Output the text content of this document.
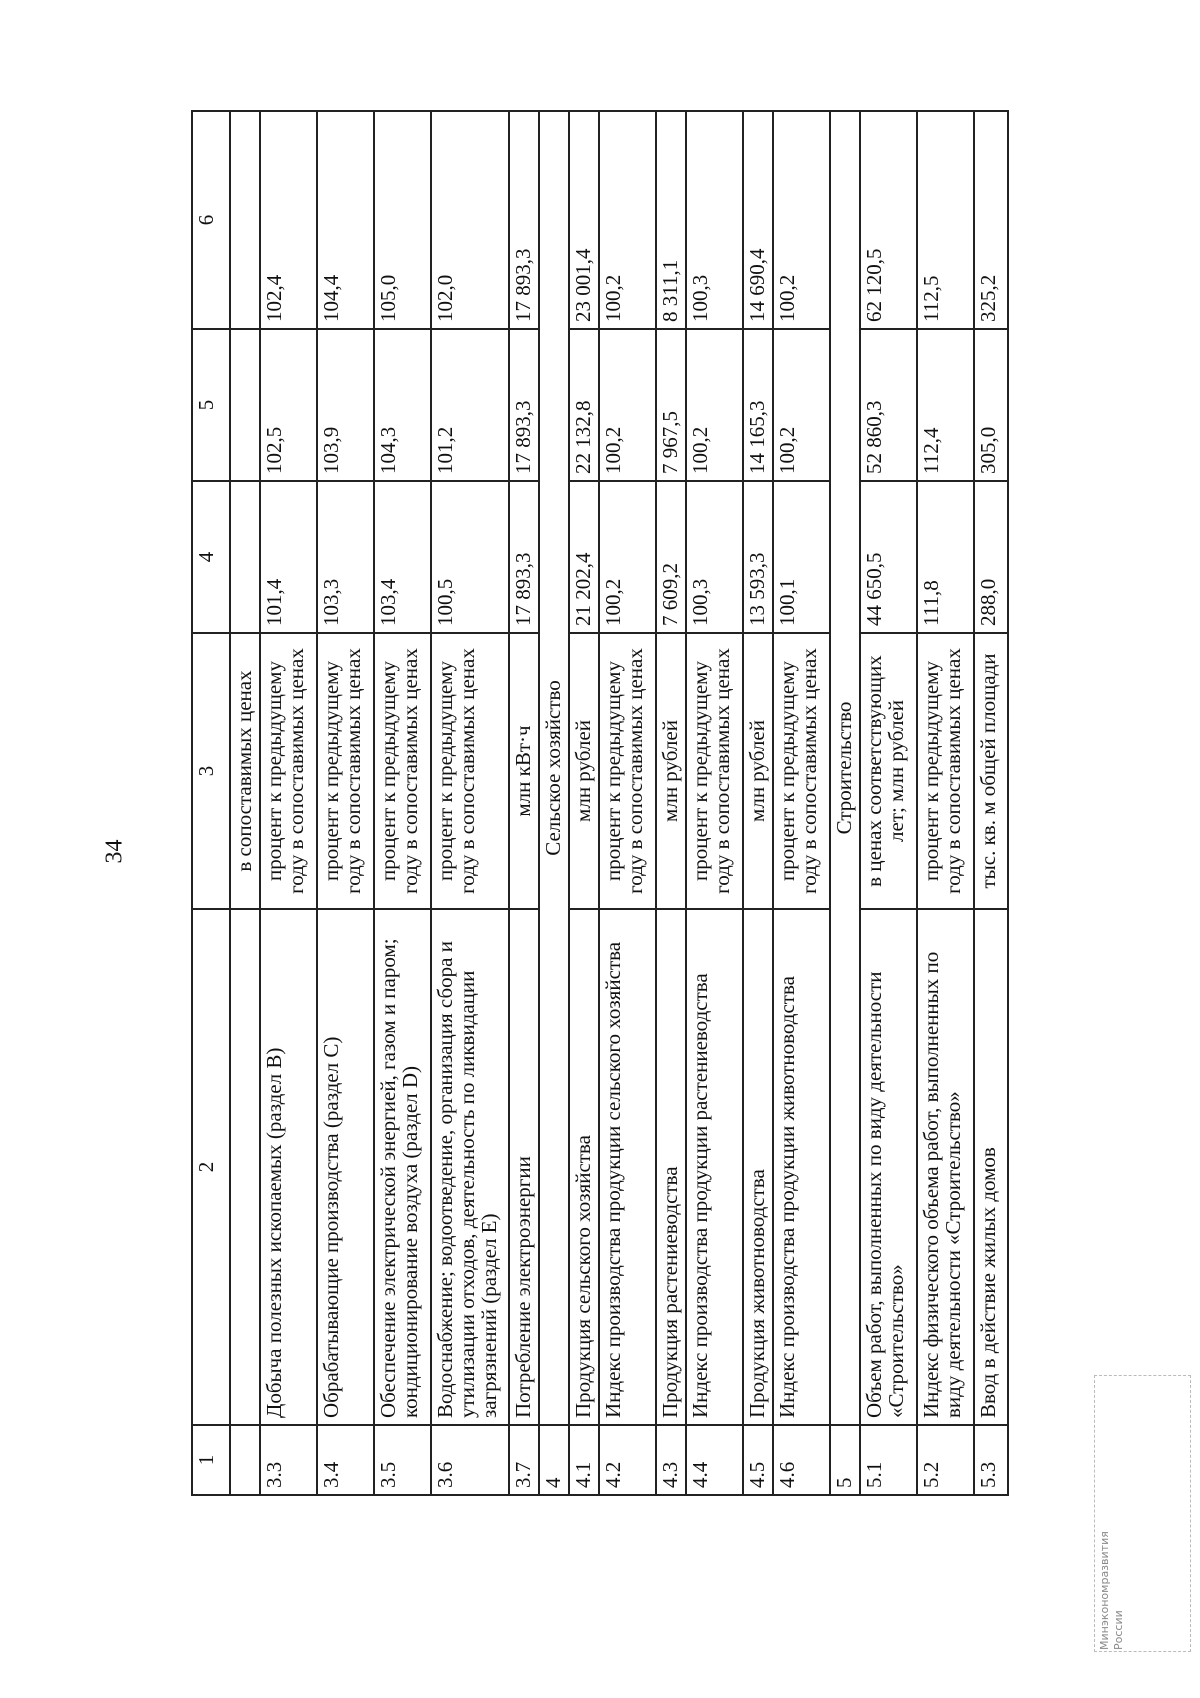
34
1	2	3	4	5	6
		в сопоставимых ценах			
3.3	Добыча полезных ископаемых (раздел B)	процент к предыдущему году в сопоставимых ценах	101,4	102,5	102,4
3.4	Обрабатывающие производства (раздел C)	процент к предыдущему году в сопоставимых ценах	103,3	103,9	104,4
3.5	Обеспечение электрической энергией, газом и паром; кондиционирование воздуха (раздел D)	процент к предыдущему году в сопоставимых ценах	103,4	104,3	105,0
3.6	Водоснабжение; водоотведение, организация сбора и утилизации отходов, деятельность по ликвидации загрязнений (раздел E)	процент к предыдущему году в сопоставимых ценах	100,5	101,2	102,0
3.7	Потребление электроэнергии	млн кВт·ч	17 893,3	17 893,3	17 893,3
4	Сельское хозяйство				
4.1	Продукция сельского хозяйства	млн рублей	21 202,4	22 132,8	23 001,4
4.2	Индекс производства продукции сельского хозяйства	процент к предыдущему году в сопоставимых ценах	100,2	100,2	100,2
4.3	Продукция растениеводства	млн рублей	7 609,2	7 967,5	8 311,1
4.4	Индекс производства продукции растениеводства	процент к предыдущему году в сопоставимых ценах	100,3	100,2	100,3
4.5	Продукция животноводства	млн рублей	13 593,3	14 165,3	14 690,4
4.6	Индекс производства продукции животноводства	процент к предыдущему году в сопоставимых ценах	100,1	100,2	100,2
5	Строительство				
5.1	Объем работ, выполненных по виду деятельности «Строительство»	в ценах соответствующих лет; млн рублей	44 650,5	52 860,3	62 120,5
5.2	Индекс физического объема работ, выполненных по виду деятельности «Строительство»	процент к предыдущему году в сопоставимых ценах	111,8	112,4	112,5
5.3	Ввод в действие жилых домов	тыс. кв. м общей площади	288,0	305,0	325,2
Минэкономразвития России
